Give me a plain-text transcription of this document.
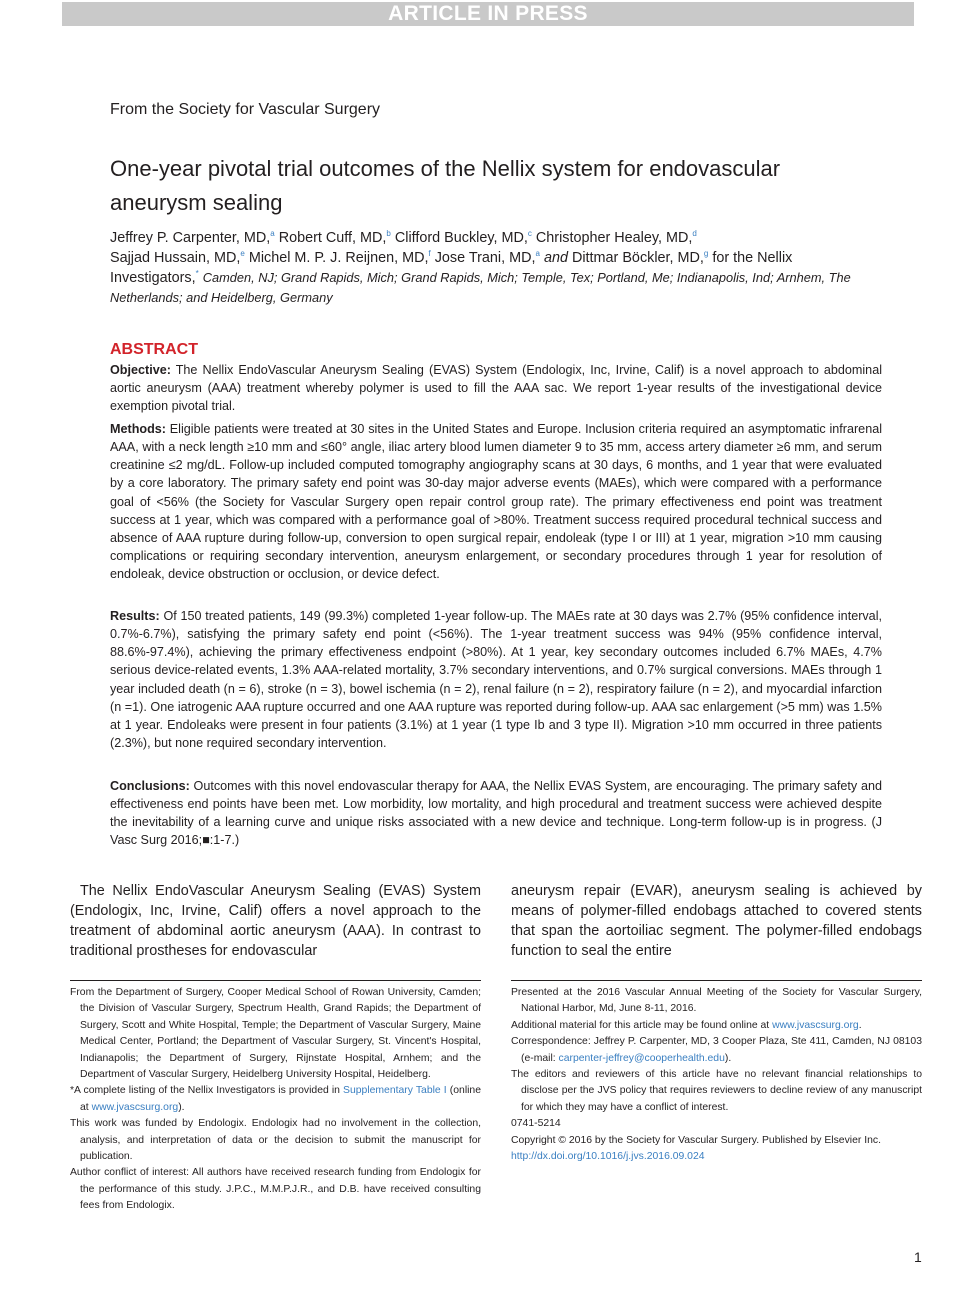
ARTICLE IN PRESS
From the Society for Vascular Surgery
One-year pivotal trial outcomes of the Nellix system for endovascular aneurysm sealing
Jeffrey P. Carpenter, MD,$^a$ Robert Cuff, MD,$^b$ Clifford Buckley, MD,$^c$ Christopher Healey, MD,$^d$
Sajjad Hussain, MD,$^e$ Michel M. P. J. Reijnen, MD,$^f$ Jose Trani, MD,$^a$ and Dittmar Böckler, MD,$^g$ for the Nellix Investigators,* Camden, NJ; Grand Rapids, Mich; Grand Rapids, Mich; Temple, Tex; Portland, Me; Indianapolis, Ind; Arnhem, The Netherlands; and Heidelberg, Germany
ABSTRACT
Objective: The Nellix EndoVascular Aneurysm Sealing (EVAS) System (Endologix, Inc, Irvine, Calif) is a novel approach to abdominal aortic aneurysm (AAA) treatment whereby polymer is used to fill the AAA sac. We report 1-year results of the investigational device exemption pivotal trial.
Methods: Eligible patients were treated at 30 sites in the United States and Europe. Inclusion criteria required an asymptomatic infrarenal AAA, with a neck length ≥10 mm and ≤60° angle, iliac artery blood lumen diameter 9 to 35 mm, access artery diameter ≥6 mm, and serum creatinine ≤2 mg/dL. Follow-up included computed tomography angiography scans at 30 days, 6 months, and 1 year that were evaluated by a core laboratory. The primary safety end point was 30-day major adverse events (MAEs), which were compared with a performance goal of <56% (the Society for Vascular Surgery open repair control group rate). The primary effectiveness end point was treatment success at 1 year, which was compared with a performance goal of >80%. Treatment success required procedural technical success and absence of AAA rupture during follow-up, conversion to open surgical repair, endoleak (type I or III) at 1 year, migration >10 mm causing complications or requiring secondary intervention, aneurysm enlargement, or secondary procedures through 1 year for resolution of endoleak, device obstruction or occlusion, or device defect.
Results: Of 150 treated patients, 149 (99.3%) completed 1-year follow-up. The MAEs rate at 30 days was 2.7% (95% confidence interval, 0.7%-6.7%), satisfying the primary safety end point (<56%). The 1-year treatment success was 94% (95% confidence interval, 88.6%-97.4%), achieving the primary effectiveness endpoint (>80%). At 1 year, key secondary outcomes included 6.7% MAEs, 4.7% serious device-related events, 1.3% AAA-related mortality, 3.7% secondary interventions, and 0.7% surgical conversions. MAEs through 1 year included death (n = 6), stroke (n = 3), bowel ischemia (n = 2), renal failure (n = 2), respiratory failure (n = 2), and myocardial infarction (n =1). One iatrogenic AAA rupture occurred and one AAA rupture was reported during follow-up. AAA sac enlargement (>5 mm) was 1.5% at 1 year. Endoleaks were present in four patients (3.1%) at 1 year (1 type Ib and 3 type II). Migration >10 mm occurred in three patients (2.3%), but none required secondary intervention.
Conclusions: Outcomes with this novel endovascular therapy for AAA, the Nellix EVAS System, are encouraging. The primary safety and effectiveness end points have been met. Low morbidity, low mortality, and high procedural and treatment success were achieved despite the inevitability of a learning curve and unique risks associated with a new device and technique. Long-term follow-up is in progress. (J Vasc Surg 2016;■:1-7.)
The Nellix EndoVascular Aneurysm Sealing (EVAS) System (Endologix, Inc, Irvine, Calif) offers a novel approach to the treatment of abdominal aortic aneurysm (AAA). In contrast to traditional prostheses for endovascular
aneurysm repair (EVAR), aneurysm sealing is achieved by means of polymer-filled endobags attached to covered stents that span the aortoiliac segment. The polymer-filled endobags function to seal the entire

From the Department of Surgery, Cooper Medical School of Rowan University, Camden; the Division of Vascular Surgery, Spectrum Health, Grand Rapids; the Department of Surgery, Scott and White Hospital, Temple; the Department of Vascular Surgery, Maine Medical Center, Portland; the Department of Vascular Surgery, St. Vincent's Hospital, Indianapolis; the Department of Surgery, Rijnstate Hospital, Arnhem; and the Department of Vascular Surgery, Heidelberg University Hospital, Heidelberg.

*A complete listing of the Nellix Investigators is provided in Supplementary Table I (online at www.jvascsurg.org).

This work was funded by Endologix. Endologix had no involvement in the collection, analysis, and interpretation of data or the decision to submit the manuscript for publication.

Author conflict of interest: All authors have received research funding from Endologix for the performance of this study. J.P.C., M.M.P.J.R., and D.B. have received consulting fees from Endologix.

Presented at the 2016 Vascular Annual Meeting of the Society for Vascular Surgery, National Harbor, Md, June 8-11, 2016.

Additional material for this article may be found online at www.jvascsurg.org.

Correspondence: Jeffrey P. Carpenter, MD, 3 Cooper Plaza, Ste 411, Camden, NJ 08103 (e-mail: carpenter-jeffrey@cooperhealth.edu).

The editors and reviewers of this article have no relevant financial relationships to disclose per the JVS policy that requires reviewers to decline review of any manuscript for which they may have a conflict of interest.

0741-5214

Copyright © 2016 by the Society for Vascular Surgery. Published by Elsevier Inc.

http://dx.doi.org/10.1016/j.jvs.2016.09.024

1
